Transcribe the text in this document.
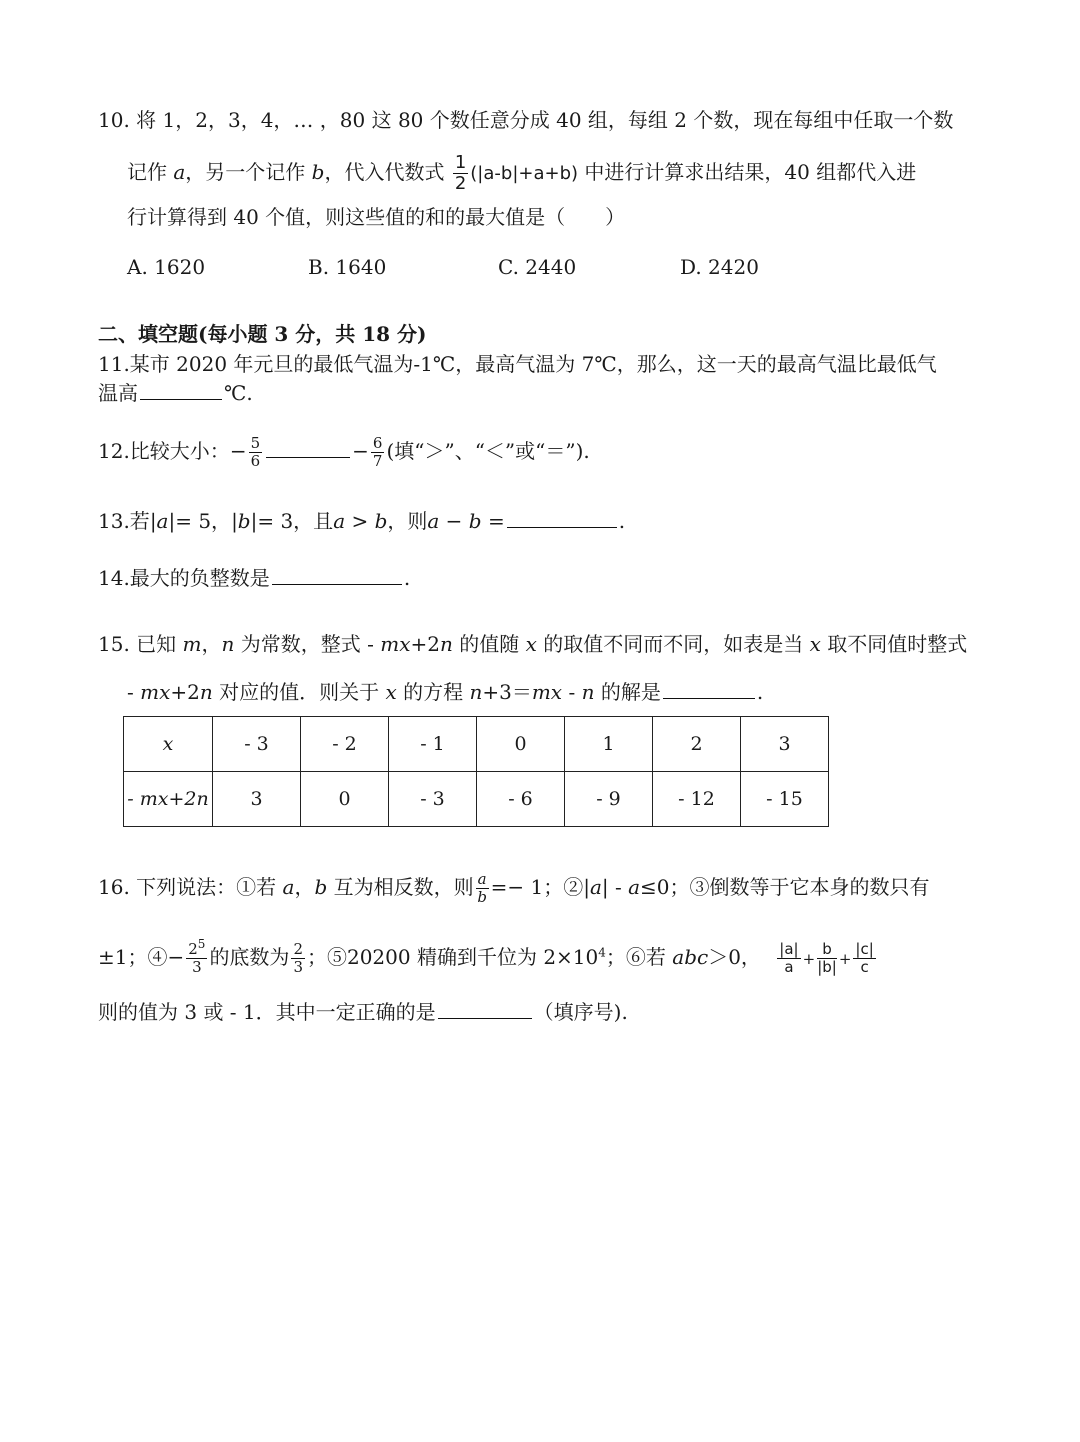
10. 将 1，2，3，4，… ，80 这 80 个数任意分成 40 组，每组 2 个数，现在每组中任取一个数
记作 a，另一个记作 b，代入代数式 $\frac{1}{2} (|a-b|+a+b)$ 中进行计算求出结果，40 组都代入进
行计算得到 40 个值，则这些值的和的最大值是（　　）
A. 1620	B. 1640	C. 2440	D. 2420
二、填空题(每小题 3 分，共 18 分)
11.某市 2020 年元旦的最低气温为-1℃，最高气温为 7℃，那么，这一天的最高气温比最低气
温高	℃.
12.比较大小：− $\frac{5}{6}$	− $\frac{6}{7}$ (填“＞”、“＜”或“＝”).
13.若|a|= 5，|b|= 3，且a > b，则a − b =	.
14.最大的负整数是	.
15. 已知 m，n 为常数，整式 - mx+2n 的值随 x 的取值不同而不同，如表是当 x 取不同值时整式
- mx+2n 对应的值．则关于 x 的方程 n+3＝mx - n 的解是	.
x	- 3	- 2	- 1	0	1	2	3
- mx+2n	3	0	- 3	- 6	- 9	- 12	- 15
16. 下列说法：①若 a，b 互为相反数，则 $\frac{a}{b} =- 1$；②|a| - a≤0；③倒数等于它本身的数只有
±1；④− $\frac{2^5}{3}$ 的底数为 $\frac{2}{3}$ ；⑤20200 精确到千位为 $2\times 10^4$；⑥若 abc＞0， $\frac{|a|}{a} + \frac{b}{|b|} + \frac{|c|}{c}$
则的值为 3 或 - 1．其中一定正确的是	（填序号).
